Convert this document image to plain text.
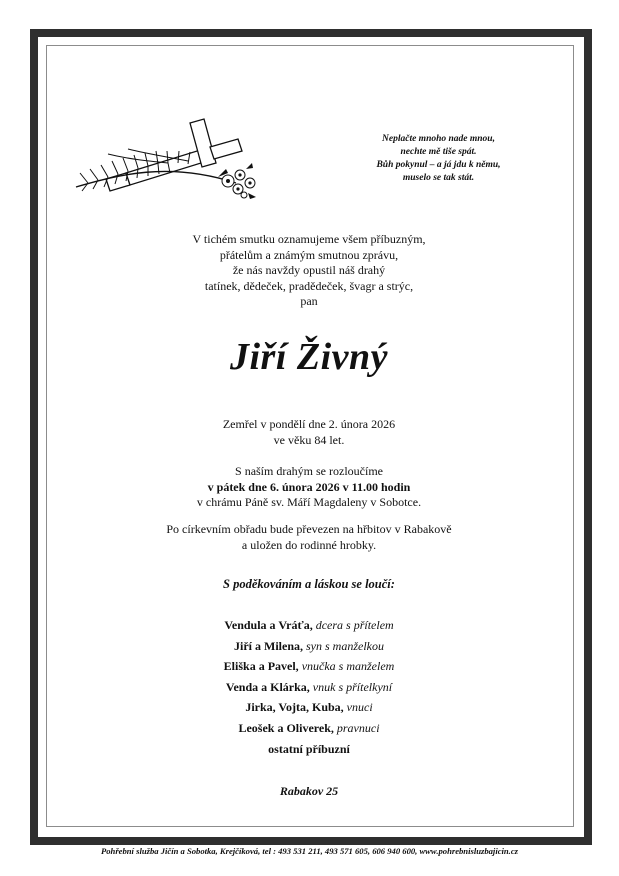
Neplačte mnoho nade mnou,
nechte mě tiše spát.
Bůh pokynul – a já jdu k němu,
muselo se tak stát.
V tichém smutku oznamujeme všem příbuzným,
přátelům a známým smutnou zprávu,
že nás navždy opustil náš drahý
tatínek, dědeček, pradědeček, švagr a strýc,
pan
Jiří Živný
Zemřel v pondělí dne 2. února 2026
ve věku 84 let.
S naším drahým se rozloučíme
v pátek dne 6. února 2026 v 11.00 hodin
v chrámu Páně sv. Máří Magdaleny v Sobotce.
Po církevním obřadu bude převezen na hřbitov v Rabakově
a uložen do rodinné hrobky.
S poděkováním a láskou se loučí:
Vendula a Vráťa, dcera s přítelem
Jiří a Milena, syn s manželkou
Eliška a Pavel, vnučka s manželem
Venda a Klárka, vnuk s přítelkyní
Jirka, Vojta, Kuba, vnuci
Leošek a Oliverek, pravnuci
ostatní příbuzní
Rabakov 25
Pohřební služba Jičín a Sobotka, Krejčíková, tel : 493 531 211, 493 571 605, 606 940 600, www.pohrebnisluzbajicin.cz
